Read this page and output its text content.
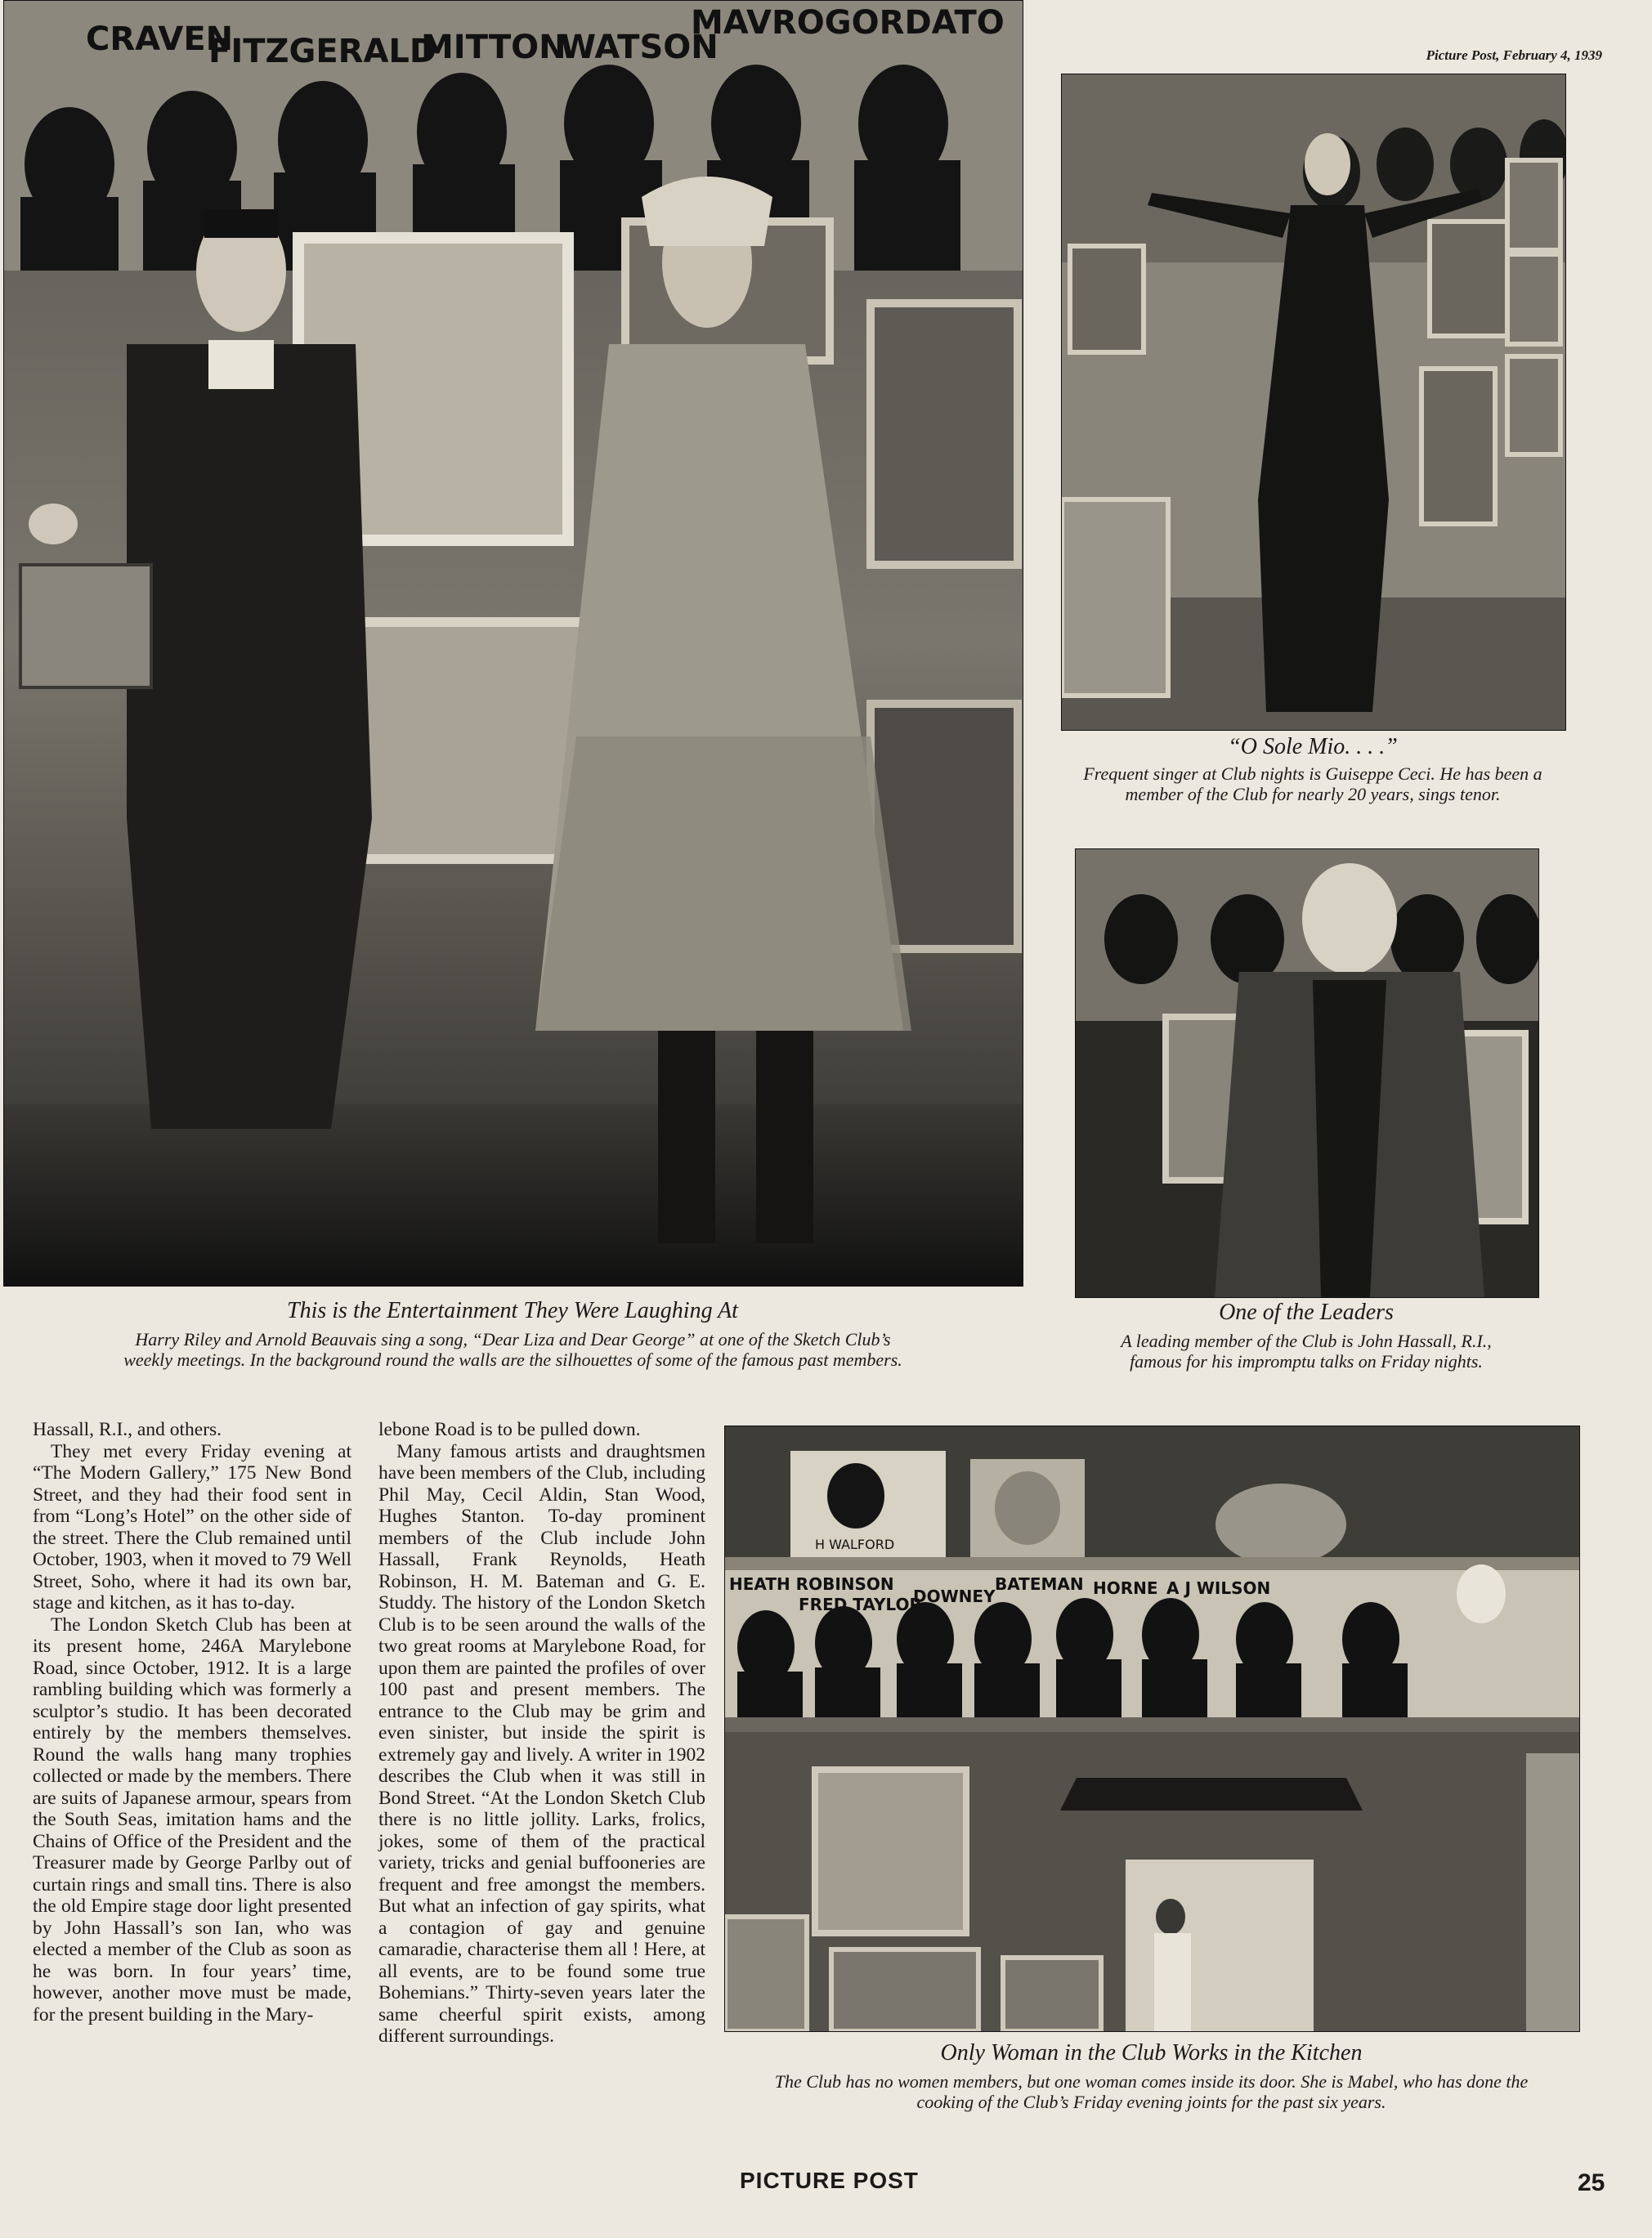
Picture Post, February 4, 1939
CRAVEN
FITZGERALD
MITTON
WATSON
MAVROGORDATO
This is the Entertainment They Were Laughing At
Harry Riley and Arnold Beauvais sing a song, “Dear Liza and Dear George” at one of the Sketch Club’s weekly meetings. In the background round the walls are the silhouettes of some of the famous past members.
“O Sole Mio. . . .”
Frequent singer at Club nights is Guiseppe Ceci. He has been a member of the Club for nearly 20 years, sings tenor.
One of the Leaders
A leading member of the Club is John Hassall, R.I., famous for his impromptu talks on Friday nights.
H WALFORD
HEATH ROBINSON
FRED TAYLOR
DOWNEY
BATEMAN HORNE A J WILSON
Only Woman in the Club Works in the Kitchen
The Club has no women members, but one woman comes inside its door. She is Mabel, who has done the cooking of the Club’s Friday evening joints for the past six years.

Hassall, R.I., and others.

They met every Friday evening at “The Modern Gallery,” 175 New Bond Street, and they had their food sent in from “Long’s Hotel” on the other side of the street. There the Club remained until October, 1903, when it moved to 79 Well Street, Soho, where it had its own bar, stage and kitchen, as it has to-day.

The London Sketch Club has been at its present home, 246A Marylebone Road, since October, 1912. It is a large rambling building which was formerly a sculptor’s studio. It has been decorated entirely by the members themselves. Round the walls hang many trophies collected or made by the members. There are suits of Japanese armour, spears from the South Seas, imitation hams and the Chains of Office of the President and the Treasurer made by George Parlby out of curtain rings and small tins. There is also the old Empire stage door light presented by John Hassall’s son Ian, who was elected a member of the Club as soon as he was born. In four years’ time, however, another move must be made, for the present building in the Mary-

lebone Road is to be pulled down.

Many famous artists and draughtsmen have been members of the Club, including Phil May, Cecil Aldin, Stan Wood, Hughes Stanton. To-day prominent members of the Club include John Hassall, Frank Reynolds, Heath Robinson, H. M. Bateman and G. E. Studdy. The history of the London Sketch Club is to be seen around the walls of the two great rooms at Marylebone Road, for upon them are painted the profiles of over 100 past and present members. The entrance to the Club may be grim and even sinister, but inside the spirit is extremely gay and lively. A writer in 1902 describes the Club when it was still in Bond Street. “At the London Sketch Club there is no little jollity. Larks, frolics, jokes, some of them of the practical variety, tricks and genial buffooneries are frequent and free amongst the members. But what an infection of gay spirits, what a contagion of gay and genuine camaradie, characterise them all ! Here, at all events, are to be found some true Bohemians.” Thirty-seven years later the same cheerful spirit exists, among different surroundings.

PICTURE POST	25
